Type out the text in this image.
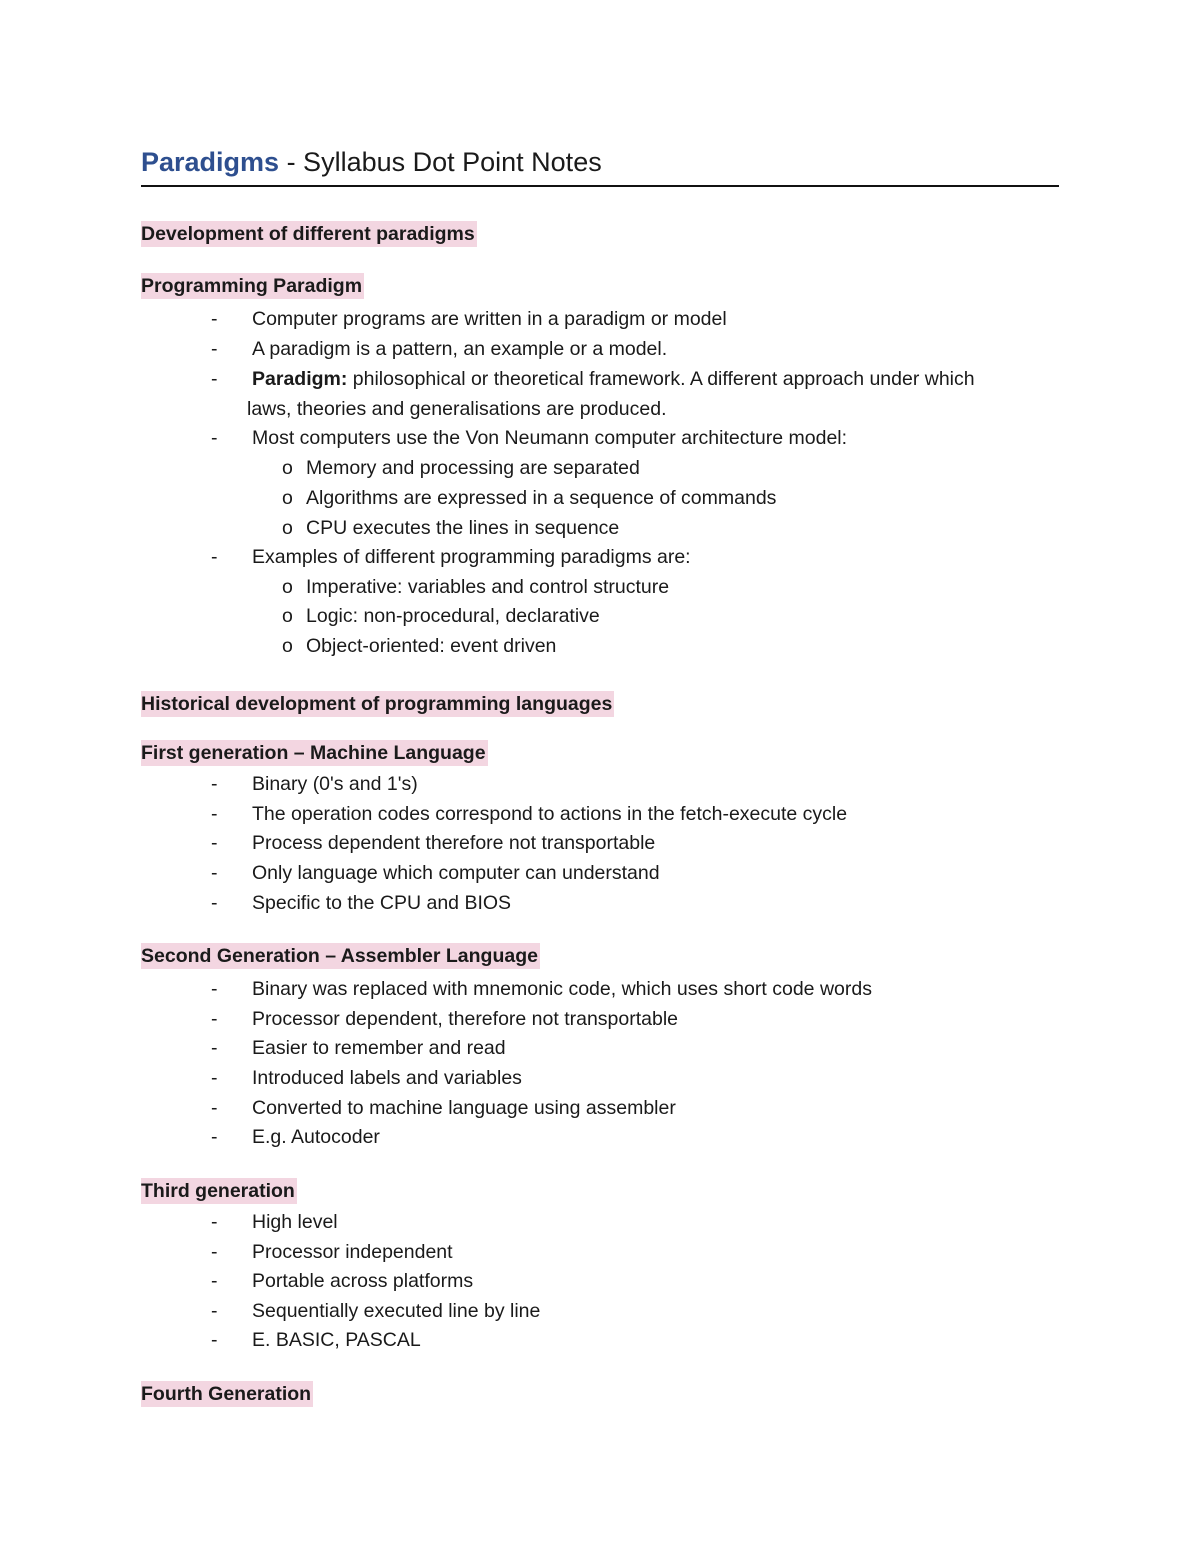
Paradigms - Syllabus Dot Point Notes
Development of different paradigms
Programming Paradigm
- Computer programs are written in a paradigm or model
- A paradigm is a pattern, an example or a model.
- Paradigm: philosophical or theoretical framework. A different approach under which
laws, theories and generalisations are produced.
- Most computers use the Von Neumann computer architecture model:
o Memory and processing are separated
o Algorithms are expressed in a sequence of commands
o CPU executes the lines in sequence
- Examples of different programming paradigms are:
o Imperative: variables and control structure
o Logic: non-procedural, declarative
o Object-oriented: event driven
Historical development of programming languages
First generation – Machine Language
- Binary (0's and 1's)
- The operation codes correspond to actions in the fetch-execute cycle
- Process dependent therefore not transportable
- Only language which computer can understand
- Specific to the CPU and BIOS
Second Generation – Assembler Language
- Binary was replaced with mnemonic code, which uses short code words
- Processor dependent, therefore not transportable
- Easier to remember and read
- Introduced labels and variables
- Converted to machine language using assembler
- E.g. Autocoder
Third generation
- High level
- Processor independent
- Portable across platforms
- Sequentially executed line by line
- E. BASIC, PASCAL
Fourth Generation
